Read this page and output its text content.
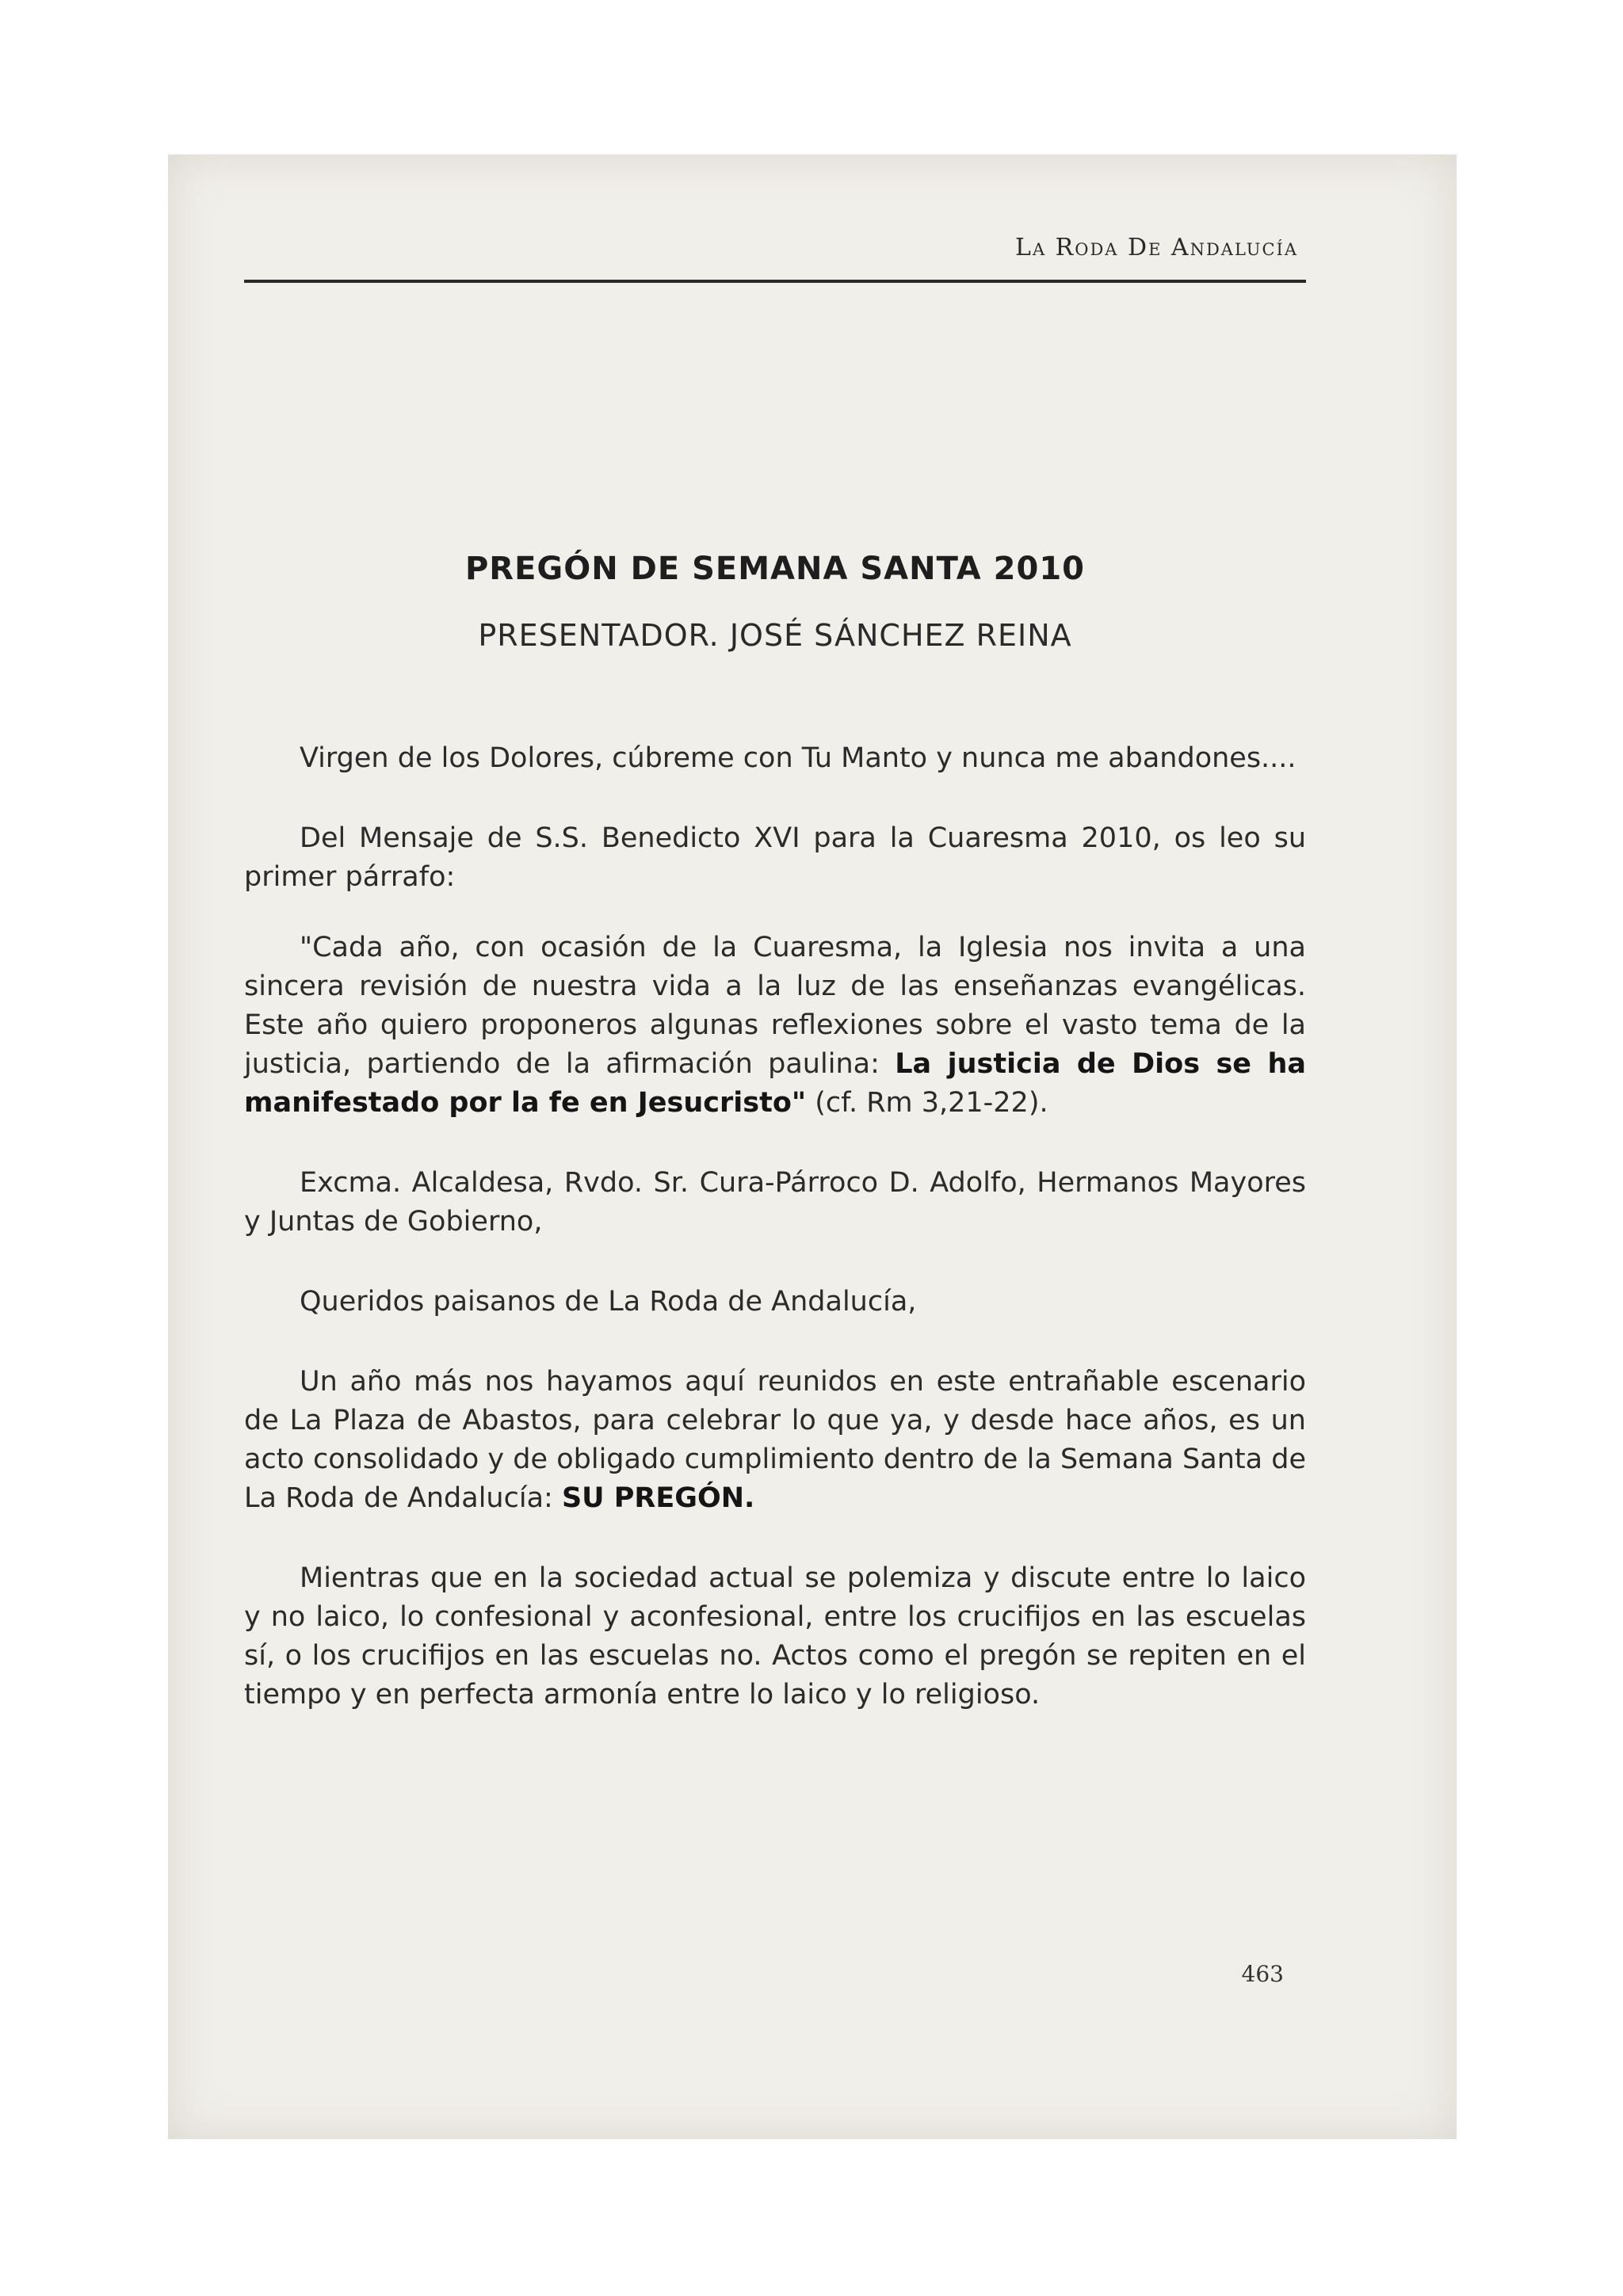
La Roda De Andalucía
PREGÓN DE SEMANA SANTA 2010
PRESENTADOR. JOSÉ SÁNCHEZ REINA

Virgen de los Dolores, cúbreme con Tu Manto y nunca me abandones....

Del Mensaje de S.S. Benedicto XVI para la Cuaresma 2010, os leo su primer párrafo:

"Cada año, con ocasión de la Cuaresma, la Iglesia nos invita a una sincera revisión de nuestra vida a la luz de las enseñanzas evangélicas. Este año quiero proponeros algunas reflexiones sobre el vasto tema de la justicia, partiendo de la afirmación paulina: La justicia de Dios se ha manifestado por la fe en Jesucristo" (cf. Rm 3,21-22).

Excma. Alcaldesa, Rvdo. Sr. Cura-Párroco D. Adolfo, Hermanos Mayores y Juntas de Gobierno,

Queridos paisanos de La Roda de Andalucía,

Un año más nos hayamos aquí reunidos en este entrañable escenario de La Plaza de Abastos, para celebrar lo que ya, y desde hace años, es un acto consolidado y de obligado cumplimiento dentro de la Semana Santa de La Roda de Andalucía: SU PREGÓN.

Mientras que en la sociedad actual se polemiza y discute entre lo laico y no laico, lo confesional y aconfesional, entre los crucifijos en las escuelas sí, o los crucifijos en las escuelas no. Actos como el pregón se repiten en el tiempo y en perfecta armonía entre lo laico y lo religioso.

463
